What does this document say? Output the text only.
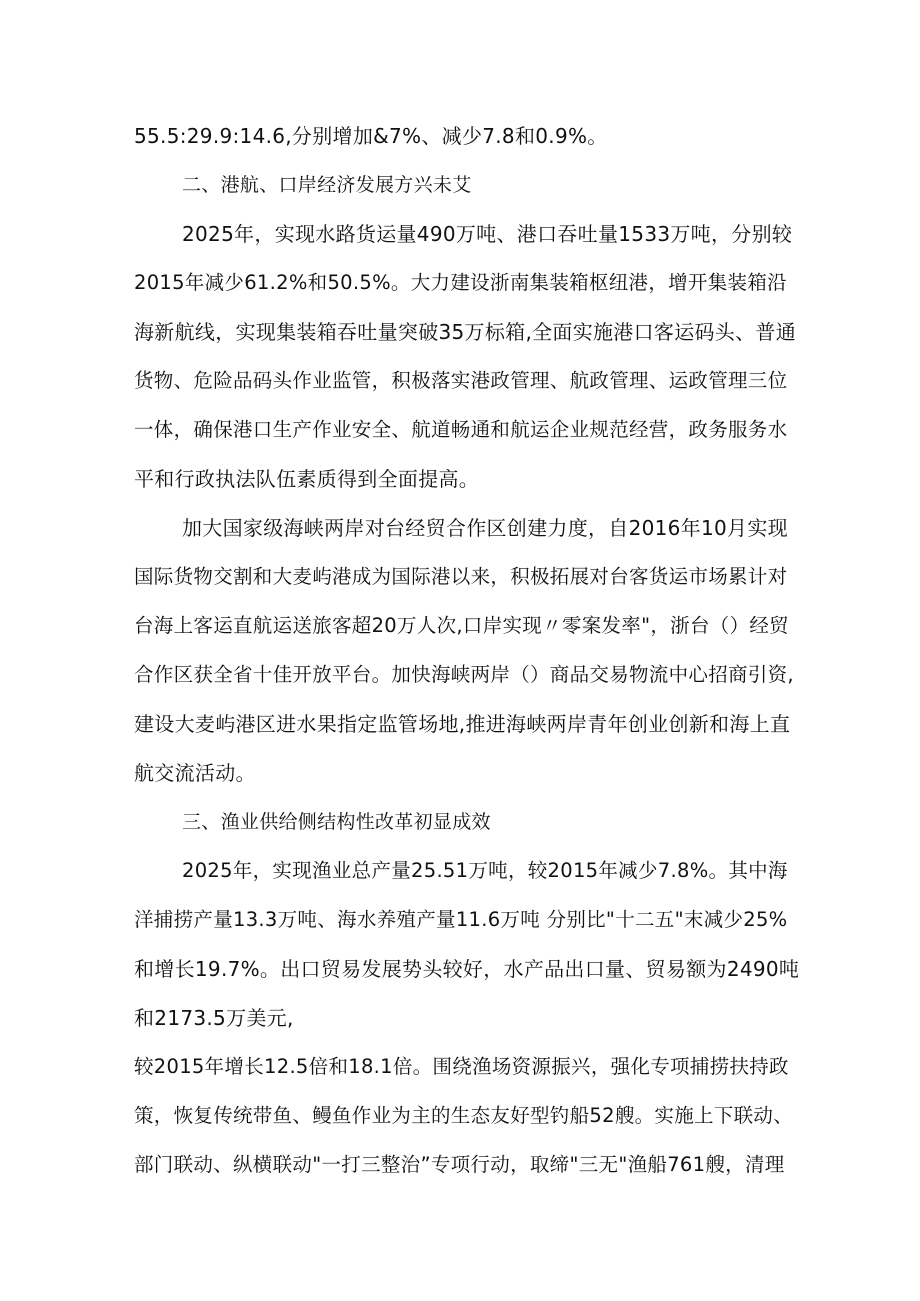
55.5:29.9:14.6,分别增加&7%、减少7.8和0.9%。
二、港航、口岸经济发展方兴未艾
2025年，实现水路货运量490万吨、港口吞吐量1533万吨，分别较
2015年减少61.2%和50.5%。大力建设浙南集装箱枢纽港，增开集装箱沿
海新航线，实现集装箱吞吐量突破35万标箱,全面实施港口客运码头、普通
货物、危险品码头作业监管，积极落实港政管理、航政管理、运政管理三位
一体，确保港口生产作业安全、航道畅通和航运企业规范经营，政务服务水
平和行政执法队伍素质得到全面提高。
加大国家级海峡两岸对台经贸合作区创建力度，自2016年10月实现
国际货物交割和大麦屿港成为国际港以来，积极拓展对台客货运市场累计对
台海上客运直航运送旅客超20万人次,口岸实现〃零案发率"，浙台（）经贸
合作区获全省十佳开放平台。加快海峡两岸（）商品交易物流中心招商引资,
建设大麦屿港区进水果指定监管场地,推进海峡两岸青年创业创新和海上直
航交流活动。
三、渔业供给侧结构性改革初显成效
2025年，实现渔业总产量25.51万吨，较2015年减少7.8%。其中海
洋捕捞产量13.3万吨、海水养殖产量11.6万吨 分别比"十二五"末减少25%
和增长19.7%。出口贸易发展势头较好，水产品出口量、贸易额为2490吨
和2173.5万美元,
较2015年增长12.5倍和18.1倍。围绕渔场资源振兴，强化专项捕捞扶持政
策，恢复传统带鱼、鳗鱼作业为主的生态友好型钓船52艘。实施上下联动、
部门联动、纵横联动"一打三整治”专项行动，取缔"三无"渔船761艘，清理
